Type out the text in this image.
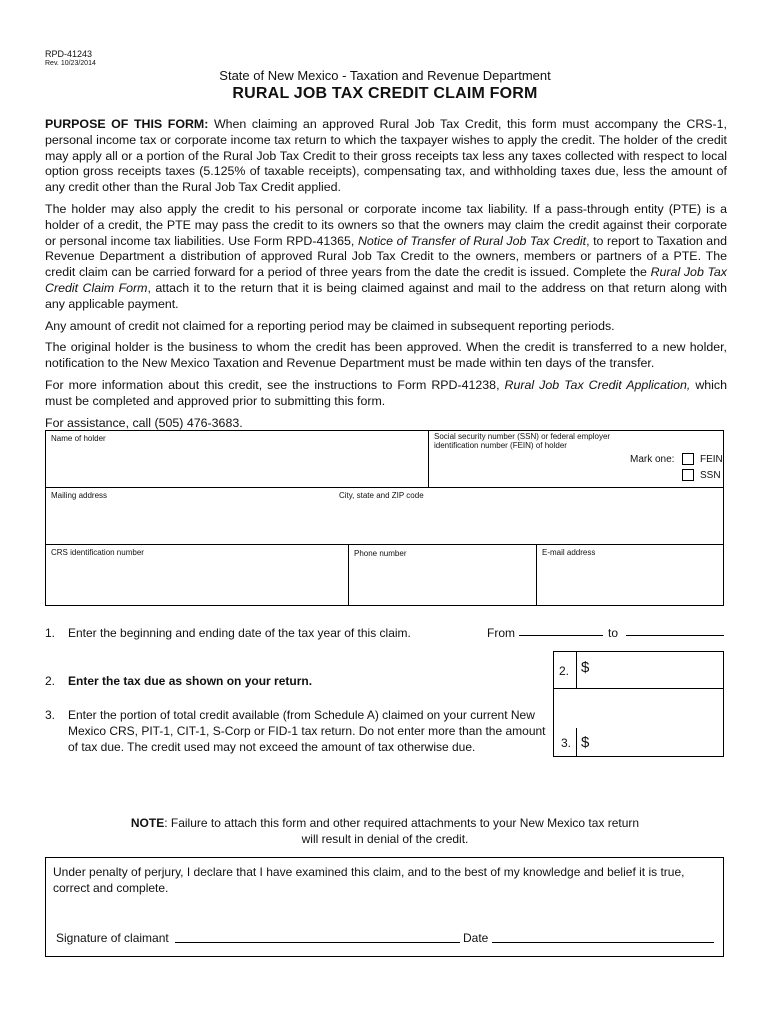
RPD-41243
Rev. 10/23/2014
State of New Mexico - Taxation and Revenue Department
RURAL JOB TAX CREDIT CLAIM FORM

PURPOSE OF THIS FORM: When claiming an approved Rural Job Tax Credit, this form must accompany the CRS-1, personal income tax or corporate income tax return to which the taxpayer wishes to apply the credit. The holder of the credit may apply all or a portion of the Rural Job Tax Credit to their gross receipts tax less any taxes collected with respect to local option gross receipts taxes (5.125% of taxable receipts), compensating tax, and withholding taxes due, less the amount of any credit other than the Rural Job Tax Credit applied.

The holder may also apply the credit to his personal or corporate income tax liability. If a pass-through entity (PTE) is a holder of a credit, the PTE may pass the credit to its owners so that the owners may claim the credit against their corporate or personal income tax liabilities. Use Form RPD-41365, Notice of Transfer of Rural Job Tax Credit, to report to Taxation and Revenue Department a distribution of approved Rural Job Tax Credit to the owners, members or partners of a PTE. The credit claim can be carried forward for a period of three years from the date the credit is issued. Complete the Rural Job Tax Credit Claim Form, attach it to the return that it is being claimed against and mail to the address on that return along with any applicable payment.

Any amount of credit not claimed for a reporting period may be claimed in subsequent reporting periods.

The original holder is the business to whom the credit has been approved. When the credit is transferred to a new holder, notification to the New Mexico Taxation and Revenue Department must be made within ten days of the transfer.

For more information about this credit, see the instructions to Form RPD-41238, Rural Job Tax Credit Application, which must be completed and approved prior to submitting this form.

For assistance, call (505) 476-3683.

Name of holder	Social security number (SSN) or federal employer identification number (FEIN) of holder
Mark one:	FEIN
SSN
Mailing address	City, state and ZIP code
CRS identification number	Phone number	E-mail address
1. Enter the beginning and ending date of the tax year of this claim.	From	to
2. $
3. $
2. Enter the tax due as shown on your return.
3. Enter the portion of total credit available (from Schedule A) claimed on your current New Mexico CRS, PIT-1, CIT-1, S-Corp or FID-1 tax return. Do not enter more than the amount of tax due. The credit used may not exceed the amount of tax otherwise due.
NOTE: Failure to attach this form and other required attachments to your New Mexico tax return
will result in denial of the credit.
Under penalty of perjury, I declare that I have examined this claim, and to the best of my knowledge and belief it is true, correct and complete.
Signature of claimant	Date
